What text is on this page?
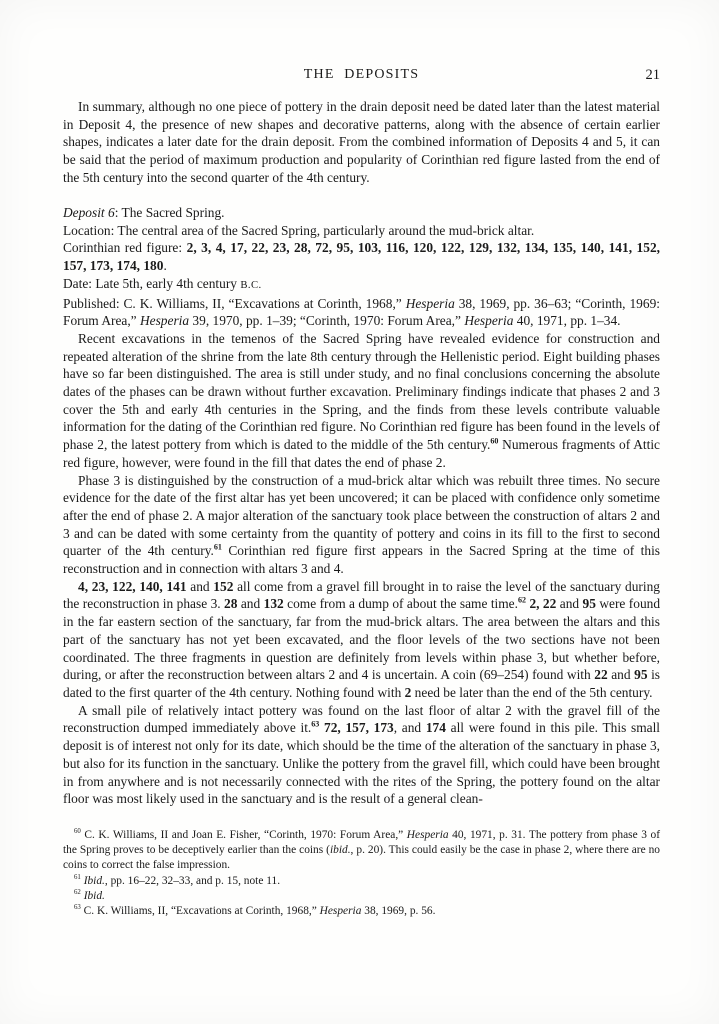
THE DEPOSITS	21

In summary, although no one piece of pottery in the drain deposit need be dated later than the latest material in Deposit 4, the presence of new shapes and decorative patterns, along with the absence of certain earlier shapes, indicates a later date for the drain deposit. From the combined information of Deposits 4 and 5, it can be said that the period of maximum production and popularity of Corinthian red figure lasted from the end of the 5th century into the second quarter of the 4th century.

Deposit 6: The Sacred Spring.

Location: The central area of the Sacred Spring, particularly around the mud-brick altar.

Corinthian red figure: 2, 3, 4, 17, 22, 23, 28, 72, 95, 103, 116, 120, 122, 129, 132, 134, 135, 140, 141, 152, 157, 173, 174, 180.

Date: Late 5th, early 4th century B.C.

Published: C. K. Williams, II, “Excavations at Corinth, 1968,” Hesperia 38, 1969, pp. 36–63; “Corinth, 1969: Forum Area,” Hesperia 39, 1970, pp. 1–39; “Corinth, 1970: Forum Area,” Hesperia 40, 1971, pp. 1–34.

Recent excavations in the temenos of the Sacred Spring have revealed evidence for construction and repeated alteration of the shrine from the late 8th century through the Hellenistic period. Eight building phases have so far been distinguished. The area is still under study, and no final conclusions concerning the absolute dates of the phases can be drawn without further excavation. Preliminary findings indicate that phases 2 and 3 cover the 5th and early 4th centuries in the Spring, and the finds from these levels contribute valuable information for the dating of the Corinthian red figure. No Corinthian red figure has been found in the levels of phase 2, the latest pottery from which is dated to the middle of the 5th century.$^{60}$ Numerous fragments of Attic red figure, however, were found in the fill that dates the end of phase 2.

Phase 3 is distinguished by the construction of a mud-brick altar which was rebuilt three times. No secure evidence for the date of the first altar has yet been uncovered; it can be placed with confidence only sometime after the end of phase 2. A major alteration of the sanctuary took place between the construction of altars 2 and 3 and can be dated with some certainty from the quantity of pottery and coins in its fill to the first to second quarter of the 4th century.$^{61}$ Corinthian red figure first appears in the Sacred Spring at the time of this reconstruction and in connection with altars 3 and 4.

4, 23, 122, 140, 141 and 152 all come from a gravel fill brought in to raise the level of the sanctuary during the reconstruction in phase 3. 28 and 132 come from a dump of about the same time.$^{62}$ 2, 22 and 95 were found in the far eastern section of the sanctuary, far from the mud-brick altars. The area between the altars and this part of the sanctuary has not yet been excavated, and the floor levels of the two sections have not been coordinated. The three fragments in question are definitely from levels within phase 3, but whether before, during, or after the reconstruction between altars 2 and 4 is uncertain. A coin (69–254) found with 22 and 95 is dated to the first quarter of the 4th century. Nothing found with 2 need be later than the end of the 5th century.

A small pile of relatively intact pottery was found on the last floor of altar 2 with the gravel fill of the reconstruction dumped immediately above it.$^{63}$ 72, 157, 173, and 174 all were found in this pile. This small deposit is of interest not only for its date, which should be the time of the alteration of the sanctuary in phase 3, but also for its function in the sanctuary. Unlike the pottery from the gravel fill, which could have been brought in from anywhere and is not necessarily connected with the rites of the Spring, the pottery found on the altar floor was most likely used in the sanctuary and is the result of a general clean-

$^{60}$ C. K. Williams, II and Joan E. Fisher, “Corinth, 1970: Forum Area,” Hesperia 40, 1971, p. 31. The pottery from phase 3 of the Spring proves to be deceptively earlier than the coins (ibid., p. 20). This could easily be the case in phase 2, where there are no coins to correct the false impression.

$^{61}$ Ibid., pp. 16–22, 32–33, and p. 15, note 11.

$^{62}$ Ibid.

$^{63}$ C. K. Williams, II, “Excavations at Corinth, 1968,” Hesperia 38, 1969, p. 56.
